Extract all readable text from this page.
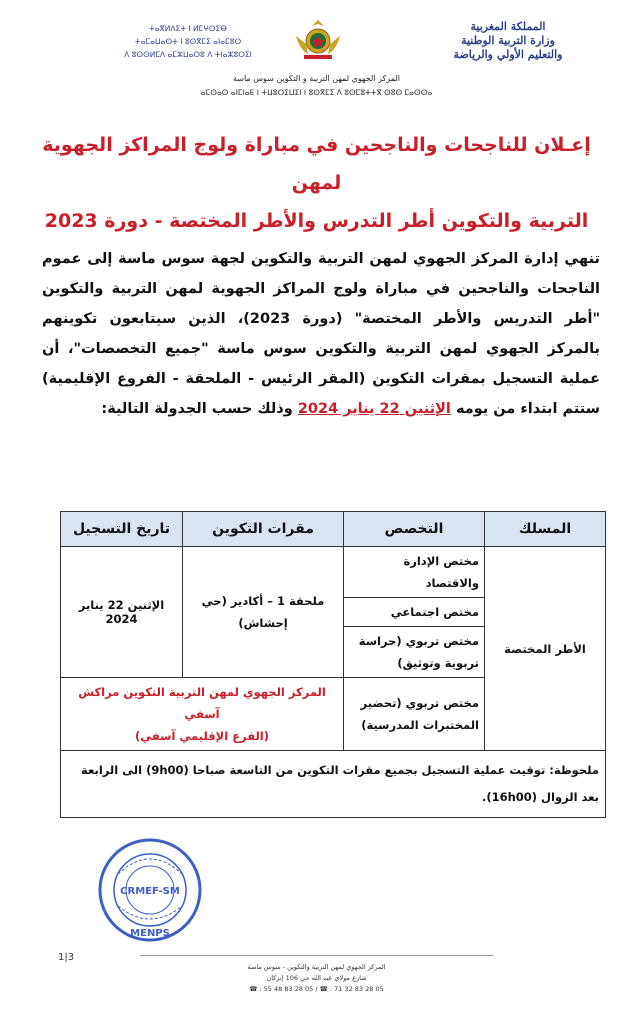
المملكة المغربية
وزارة التربية الوطنية
والتعليم الأولي والرياضة
ⵜⴰⴳⵍⴷⵉⵜ ⵏ ⵍⵎⵖⵔⵉⴱ
ⵜⴰⵎⴰⵡⴰⵙⵜ ⵏ ⵓⵙⴳⵎⵉ ⴰⵏⴰⵎⵓⵔ
ⴷ ⵓⵙⵙⵍⵎⴷ ⴰⵎⵣⵡⴰⵔⵓ ⴷ ⵜⵏⴰⵣⵓⵔⵉⵏ
المركز الجهوي لمهن التربية و التكوين سوس ماسة
ⴰⵎⵙⴰⵙ ⴰⵏⵎⵏⴰⴹ ⵏ ⵜⵡⵓⵔⵉⵡⵉⵏ ⵏ ⵓⵙⴳⵎⵉ ⴷ ⵓⵙⵎⵓⵜⵜⴳ ⵙⵓⵙ ⵎⴰⵙⵙⴰ
إعـلان للناجحات والناجحين في مباراة ولوج المراكز الجهوية لمهن
التربية والتكوين أطر التدرس والأطر المختصة - دورة 2023
تنهي إدارة المركز الجهوي لمهن التربية والتكوين لجهة سوس ماسة إلى عموم الناجحات والناجحين في مباراة ولوج المراكز الجهوية لمهن التربية والتكوين "أطر التدريس والأطر المختصة" (دورة 2023)، الذين سيتابعون تكوينهم بالمركز الجهوي لمهن التربية والتكوين سوس ماسة "جميع التخصصات"، أن عملية التسجيل بمقرات التكوين (المقر الرئيس - الملحقة - الفروع الإقليمية) ستتم ابتداء من يومه الإثنين 22 يناير 2024 وذلك حسب الجدولة التالية:
المسلك	التخصص	مقرات التكوين	تاريخ التسجيل
الأطر المختصة	مختص الإدارة والاقتصاد	ملحقة 1 – أكادير (حي إحشاش)	الإثنين 22 يناير 2024
	مختص اجتماعي		
	مختص تربوي (حراسة تربوية وتوثيق)		
	مختص تربوي (تحضير المختبرات المدرسية)	المركز الجهوي لمهن التربية التكوين مراكش آسفي
(الفرع الإقليمي آسفي)	

ملحوظة: توقيت عملية التسجيل بجميع مقرات التكوين من التاسعة صباحا (9h00) الى الرابعة بعد الزوال (16h00).			
CRMEF-SM
MENPS
1|3
المركز الجهوي لمهن التربية والتكوين - سوس ماسة
شارع مولاي عبد الله حي 106 إنزكان
05 28 83 32 71 : ☎ / 05 28 83 48 55 : ☎
